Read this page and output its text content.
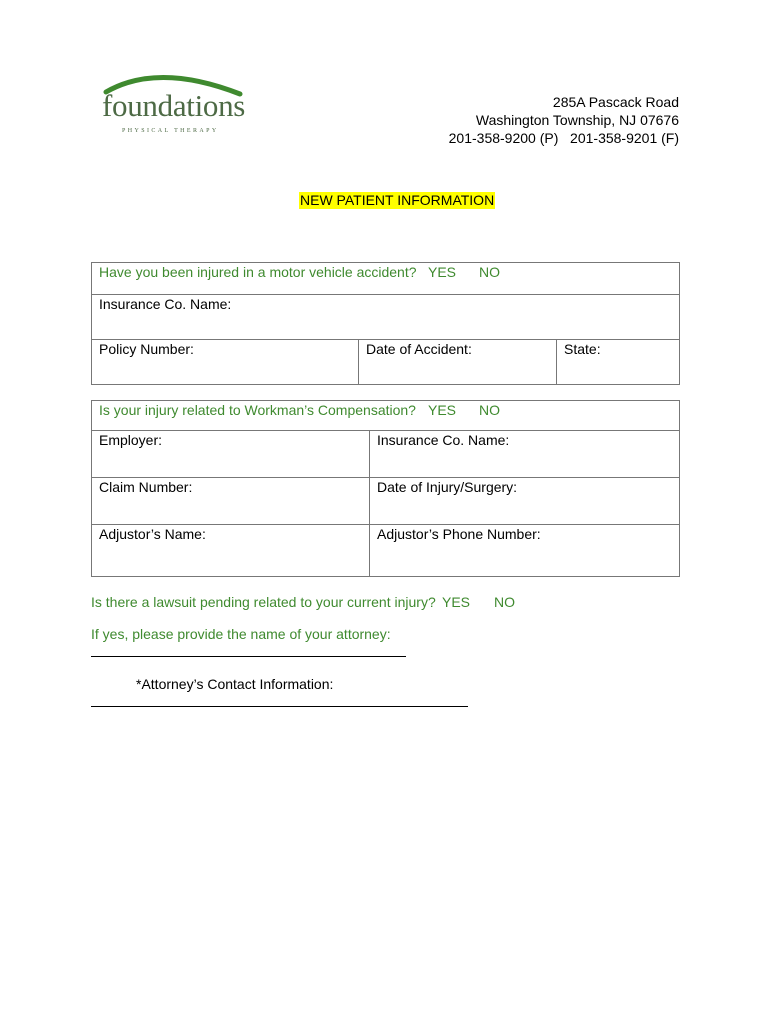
foundations
PHYSICAL THERAPY
285A Pascack Road
Washington Township, NJ 07676
201-358-9200 (P)   201-358-9201 (F)
NEW PATIENT INFORMATION
Have you been injured in a motor vehicle accident? YES NO
Insurance Co. Name:
Policy Number:	Date of Accident:	State:
Is your injury related to Workman’s Compensation? YES NO
Employer:	Insurance Co. Name:
Claim Number:	Date of Injury/Surgery:
Adjustor’s Name:	Adjustor’s Phone Number:
Is there a lawsuit pending related to your current injury? YES NO
If yes, please provide the name of your attorney:
*Attorney’s Contact Information:
